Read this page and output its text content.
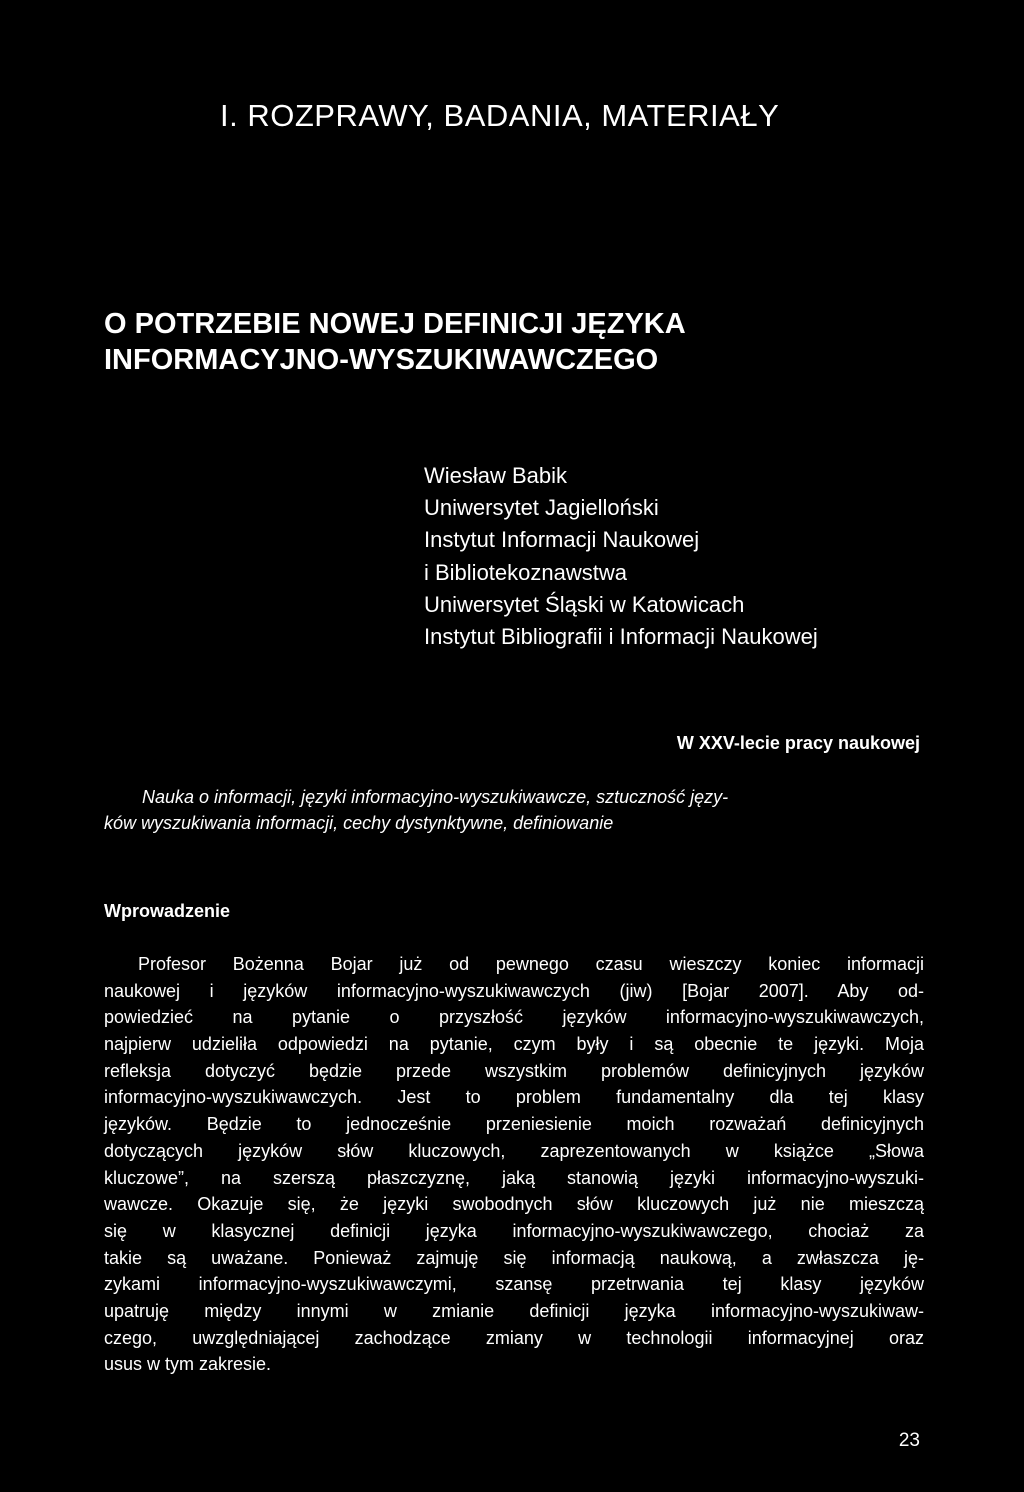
I. ROZPRAWY, BADANIA, MATERIAŁY
O POTRZEBIE NOWEJ DEFINICJI JĘZYKA
INFORMACYJNO-WYSZUKIWAWCZEGO
Wiesław Babik
Uniwersytet Jagielloński
Instytut Informacji Naukowej
i Bibliotekoznawstwa
Uniwersytet Śląski w Katowicach
Instytut Bibliografii i Informacji Naukowej
W XXV-lecie pracy naukowej
Nauka o informacji, języki informacyjno-wyszukiwawcze, sztuczność języ-
ków wyszukiwania informacji, cechy dystynktywne, definiowanie
Wprowadzenie
Profesor Bożenna Bojar już od pewnego czasu wieszczy koniec informacji
naukowej i języków informacyjno-wyszukiwawczych (jiw) [Bojar 2007]. Aby od-
powiedzieć na pytanie o przyszłość języków informacyjno-wyszukiwawczych,
najpierw udzieliła odpowiedzi na pytanie, czym były i są obecnie te języki. Moja
refleksja dotyczyć będzie przede wszystkim problemów definicyjnych języków
informacyjno-wyszukiwawczych. Jest to problem fundamentalny dla tej klasy
języków. Będzie to jednocześnie przeniesienie moich rozważań definicyjnych
dotyczących języków słów kluczowych, zaprezentowanych w książce „Słowa
kluczowe”, na szerszą płaszczyznę, jaką stanowią języki informacyjno-wyszuki-
wawcze. Okazuje się, że języki swobodnych słów kluczowych już nie mieszczą
się w klasycznej definicji języka informacyjno-wyszukiwawczego, chociaż za
takie są uważane. Ponieważ zajmuję się informacją naukową, a zwłaszcza ję-
zykami informacyjno-wyszukiwawczymi, szansę przetrwania tej klasy języków
upatruję między innymi w zmianie definicji języka informacyjno-wyszukiwaw-
czego, uwzględniającej zachodzące zmiany w technologii informacyjnej oraz
usus w tym zakresie.
23
